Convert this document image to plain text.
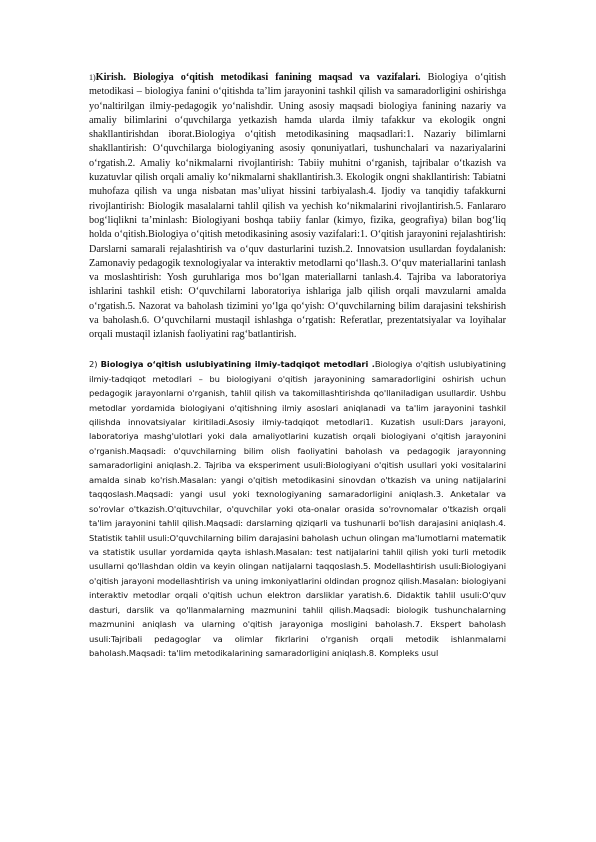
1)Kirish. Biologiya o‘qitish metodikasi fanining maqsad va vazifalari. Biologiya o‘qitish metodikasi – biologiya fanini o‘qitishda ta’lim jarayonini tashkil qilish va samaradorligini oshirishga yo‘naltirilgan ilmiy-pedagogik yo‘nalishdir. Uning asosiy maqsadi biologiya fanining nazariy va amaliy bilimlarini o‘quvchilarga yetkazish hamda ularda ilmiy tafakkur va ekologik ongni shakllantirishdan iborat.Biologiya o‘qitish metodikasining maqsadlari:1. Nazariy bilimlarni shakllantirish: O‘quvchilarga biologiyaning asosiy qonuniyatlari, tushunchalari va nazariyalarini o‘rgatish.2. Amaliy ko‘nikmalarni rivojlantirish: Tabiiy muhitni o‘rganish, tajribalar o‘tkazish va kuzatuvlar qilish orqali amaliy ko‘nikmalarni shakllantirish.3. Ekologik ongni shakllantirish: Tabiatni muhofaza qilish va unga nisbatan mas’uliyat hissini tarbiyalash.4. Ijodiy va tanqidiy tafakkurni rivojlantirish: Biologik masalalarni tahlil qilish va yechish ko‘nikmalarini rivojlantirish.5. Fanlararo bog‘liqlikni ta’minlash: Biologiyani boshqa tabiiy fanlar (kimyo, fizika, geografiya) bilan bog‘liq holda o‘qitish.Biologiya o‘qitish metodikasining asosiy vazifalari:1. O‘qitish jarayonini rejalashtirish: Darslarni samarali rejalashtirish va o‘quv dasturlarini tuzish.2. Innovatsion usullardan foydalanish: Zamonaviy pedagogik texnologiyalar va interaktiv metodlarni qo‘llash.3. O‘quv materiallarini tanlash va moslashtirish: Yosh guruhlariga mos bo‘lgan materiallarni tanlash.4. Tajriba va laboratoriya ishlarini tashkil etish: O‘quvchilarni laboratoriya ishlariga jalb qilish orqali mavzularni amalda o‘rgatish.5. Nazorat va baholash tizimini yo‘lga qo‘yish: O‘quvchilarning bilim darajasini tekshirish va baholash.6. O‘quvchilarni mustaqil ishlashga o‘rgatish: Referatlar, prezentatsiyalar va loyihalar orqali mustaqil izlanish faoliyatini rag‘batlantirish.

2) Biologiya o‘qitish uslubiyatining ilmiy-tadqiqot metodlari .Biologiya o'qitish uslubiyatining ilmiy-tadqiqot metodlari – bu biologiyani o'qitish jarayonining samaradorligini oshirish uchun pedagogik jarayonlarni o'rganish, tahlil qilish va takomillashtirishda qo'llaniladigan usullardir. Ushbu metodlar yordamida biologiyani o'qitishning ilmiy asoslari aniqlanadi va ta'lim jarayonini tashkil qilishda innovatsiyalar kiritiladi.Asosiy ilmiy-tadqiqot metodlari1. Kuzatish usuli:Dars jarayoni, laboratoriya mashg'ulotlari yoki dala amaliyotlarini kuzatish orqali biologiyani o'qitish jarayonini o'rganish.Maqsadi: o'quvchilarning bilim olish faoliyatini baholash va pedagogik jarayonning samaradorligini aniqlash.2. Tajriba va eksperiment usuli:Biologiyani o'qitish usullari yoki vositalarini amalda sinab ko'rish.Masalan: yangi o'qitish metodikasini sinovdan o'tkazish va uning natijalarini taqqoslash.Maqsadi: yangi usul yoki texnologiyaning samaradorligini aniqlash.3. Anketalar va so'rovlar o'tkazish.O'qituvchilar, o'quvchilar yoki ota-onalar orasida so'rovnomalar o'tkazish orqali ta'lim jarayonini tahlil qilish.Maqsadi: darslarning qiziqarli va tushunarli bo'lish darajasini aniqlash.4. Statistik tahlil usuli:O'quvchilarning bilim darajasini baholash uchun olingan ma'lumotlarni matematik va statistik usullar yordamida qayta ishlash.Masalan: test natijalarini tahlil qilish yoki turli metodik usullarni qo'llashdan oldin va keyin olingan natijalarni taqqoslash.5. Modellashtirish usuli:Biologiyani o'qitish jarayoni modellashtirish va uning imkoniyatlarini oldindan prognoz qilish.Masalan: biologiyani interaktiv metodlar orqali o'qitish uchun elektron darsliklar yaratish.6. Didaktik tahlil usuli:O'quv dasturi, darslik va qo'llanmalarning mazmunini tahlil qilish.Maqsadi: biologik tushunchalarning mazmunini aniqlash va ularning o'qitish jarayoniga mosligini baholash.7. Ekspert baholash usuli:Tajribali pedagoglar va olimlar fikrlarini o'rganish orqali metodik ishlanmalarni baholash.Maqsadi: ta'lim metodikalarining samaradorligini aniqlash.8. Kompleks usul
